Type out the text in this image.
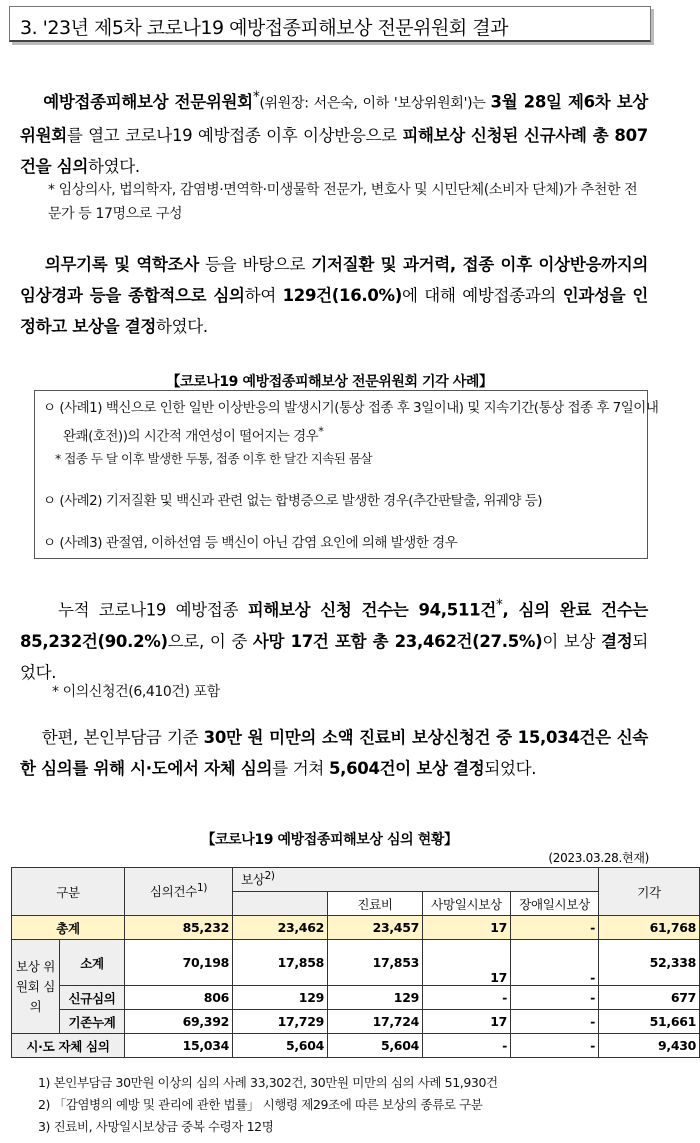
3. '23년 제5차 코로나19 예방접종피해보상 전문위원회 결과
예방접종피해보상 전문위원회*(위원장: 서은숙, 이하 '보상위원회')는 3월 28일 제6차 보상위원회를 열고 코로나19 예방접종 이후 이상반응으로 피해보상 신청된 신규사례 총 807건을 심의하였다.
* 임상의사, 법의학자, 감염병·면역학·미생물학 전문가, 변호사 및 시민단체(소비자 단체)가 추천한 전문가 등 17명으로 구성
의무기록 및 역학조사 등을 바탕으로 기저질환 및 과거력, 접종 이후 이상반응까지의 임상경과 등을 종합적으로 심의하여 129건(16.0%)에 대해 예방접종과의 인과성을 인정하고 보상을 결정하였다.
【코로나19 예방접종피해보상 전문위원회 기각 사례】
ㅇ (사례1) 백신으로 인한 일반 이상반응의 발생시기(통상 접종 후 3일이내) 및 지속기간(통상 접종 후 7일이내 완쾌(호전))의 시간적 개연성이 떨어지는 경우*
* 접종 두 달 이후 발생한 두통, 접종 이후 한 달간 지속된 몸살
ㅇ (사례2) 기저질환 및 백신과 관련 없는 합병증으로 발생한 경우(추간판탈출, 위궤양 등)
ㅇ (사례3) 관절염, 이하선염 등 백신이 아닌 감염 요인에 의해 발생한 경우
누적 코로나19 예방접종 피해보상 신청 건수는 94,511건*, 심의 완료 건수는 85,232건(90.2%)으로, 이 중 사망 17건 포함 총 23,462건(27.5%)이 보상 결정되었다.
* 이의신청건(6,410건) 포함
한편, 본인부담금 기준 30만 원 미만의 소액 진료비 보상신청건 중 15,034건은 신속한 심의를 위해 시·도에서 자체 심의를 거쳐 5,604건이 보상 결정되었다.
【코로나19 예방접종피해보상 심의 현황】
(2023.03.28.현재)
구분		심의건수$^{1)}$	보상$^{2)}$				기각
				진료비	사망일시보상	장애일시보상	
총계		85,232	23,462	23,457	17	-	61,768
보상 위원회 심의	소계	70,198	17,858	17,853	17	-	52,338
	신규심의	806	129	129	-	-	677
	기존누계	69,392	17,729	17,724	17	-	51,661
시·도 자체 심의		15,034	5,604	5,604	-	-	9,430
1) 본인부담금 30만원 이상의 심의 사례 33,302건, 30만원 미만의 심의 사례 51,930건
2) 「감염병의 예방 및 관리에 관한 법률」 시행령 제29조에 따른 보상의 종류로 구분
3) 진료비, 사망일시보상금 중복 수령자 12명
